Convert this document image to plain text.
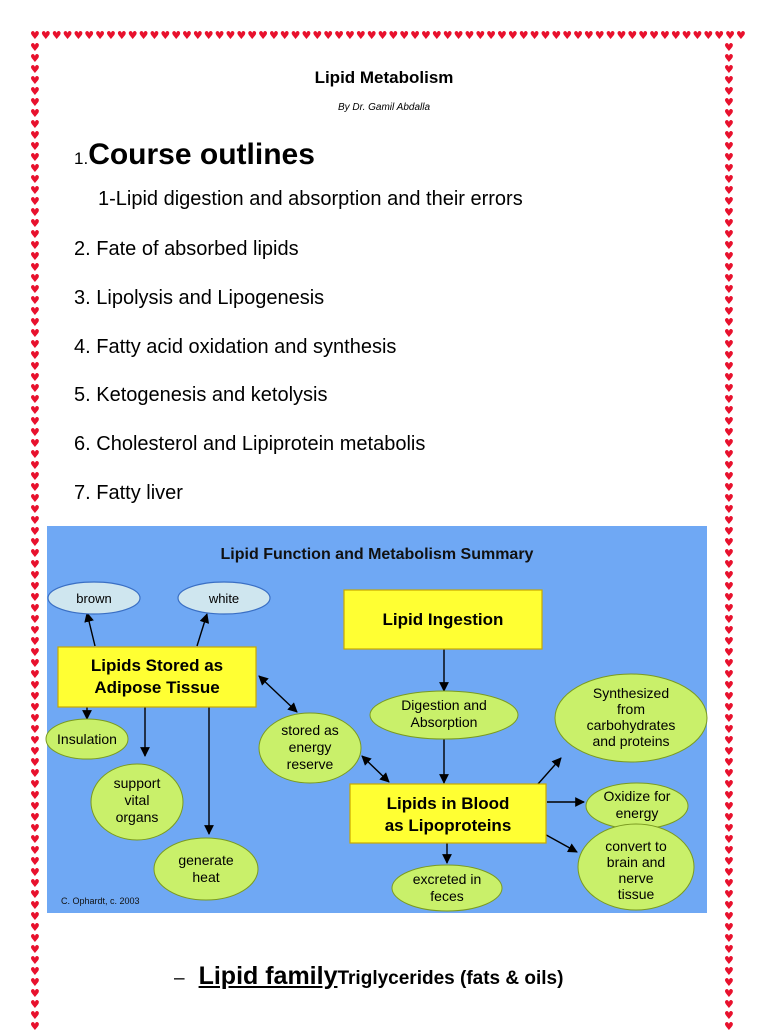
♥♥♥♥♥♥♥♥♥♥♥♥♥♥♥♥♥♥♥♥♥♥♥♥♥♥♥♥♥♥♥♥♥♥♥♥♥♥♥♥♥♥♥♥♥♥♥♥♥♥♥♥♥♥♥♥♥♥♥♥♥♥♥♥♥♥
♥♥♥♥♥♥♥♥♥♥♥♥♥♥♥♥♥♥♥♥♥♥♥♥♥♥♥♥♥♥♥♥♥♥♥♥♥♥♥♥♥♥♥♥♥♥♥♥♥♥♥♥♥♥♥♥♥♥♥♥♥♥♥♥♥♥♥♥♥♥♥♥♥♥♥♥♥♥♥♥♥♥♥♥♥♥♥♥♥♥
♥♥♥♥♥♥♥♥♥♥♥♥♥♥♥♥♥♥♥♥♥♥♥♥♥♥♥♥♥♥♥♥♥♥♥♥♥♥♥♥♥♥♥♥♥♥♥♥♥♥♥♥♥♥♥♥♥♥♥♥♥♥♥♥♥♥♥♥♥♥♥♥♥♥♥♥♥♥♥♥♥♥♥♥♥♥♥♥♥♥
Lipid Metabolism
By Dr. Gamil Abdalla
1.Course outlines
1-Lipid digestion and absorption and their errors
2. Fate of absorbed lipids
3. Lipolysis and Lipogenesis
4. Fatty acid oxidation and synthesis
5. Ketogenesis and ketolysis
6. Cholesterol and Lipiprotein metabolis
7. Fatty liver
Lipid Function and Metabolism Summary
brown	white
Lipid Ingestion
Lipids Stored as
Adipose Tissue
Lipids in Blood
as Lipoproteins
Insulation
support
vital
organs
generate
heat
stored as
energy
reserve
Digestion and
Absorption
Synthesized
from
carbohydrates
and proteins
Oxidize for
energy
convert to
brain and
nerve
tissue
excreted in
feces
C. Ophardt, c. 2003
– Lipid familyTriglycerides (fats & oils)
